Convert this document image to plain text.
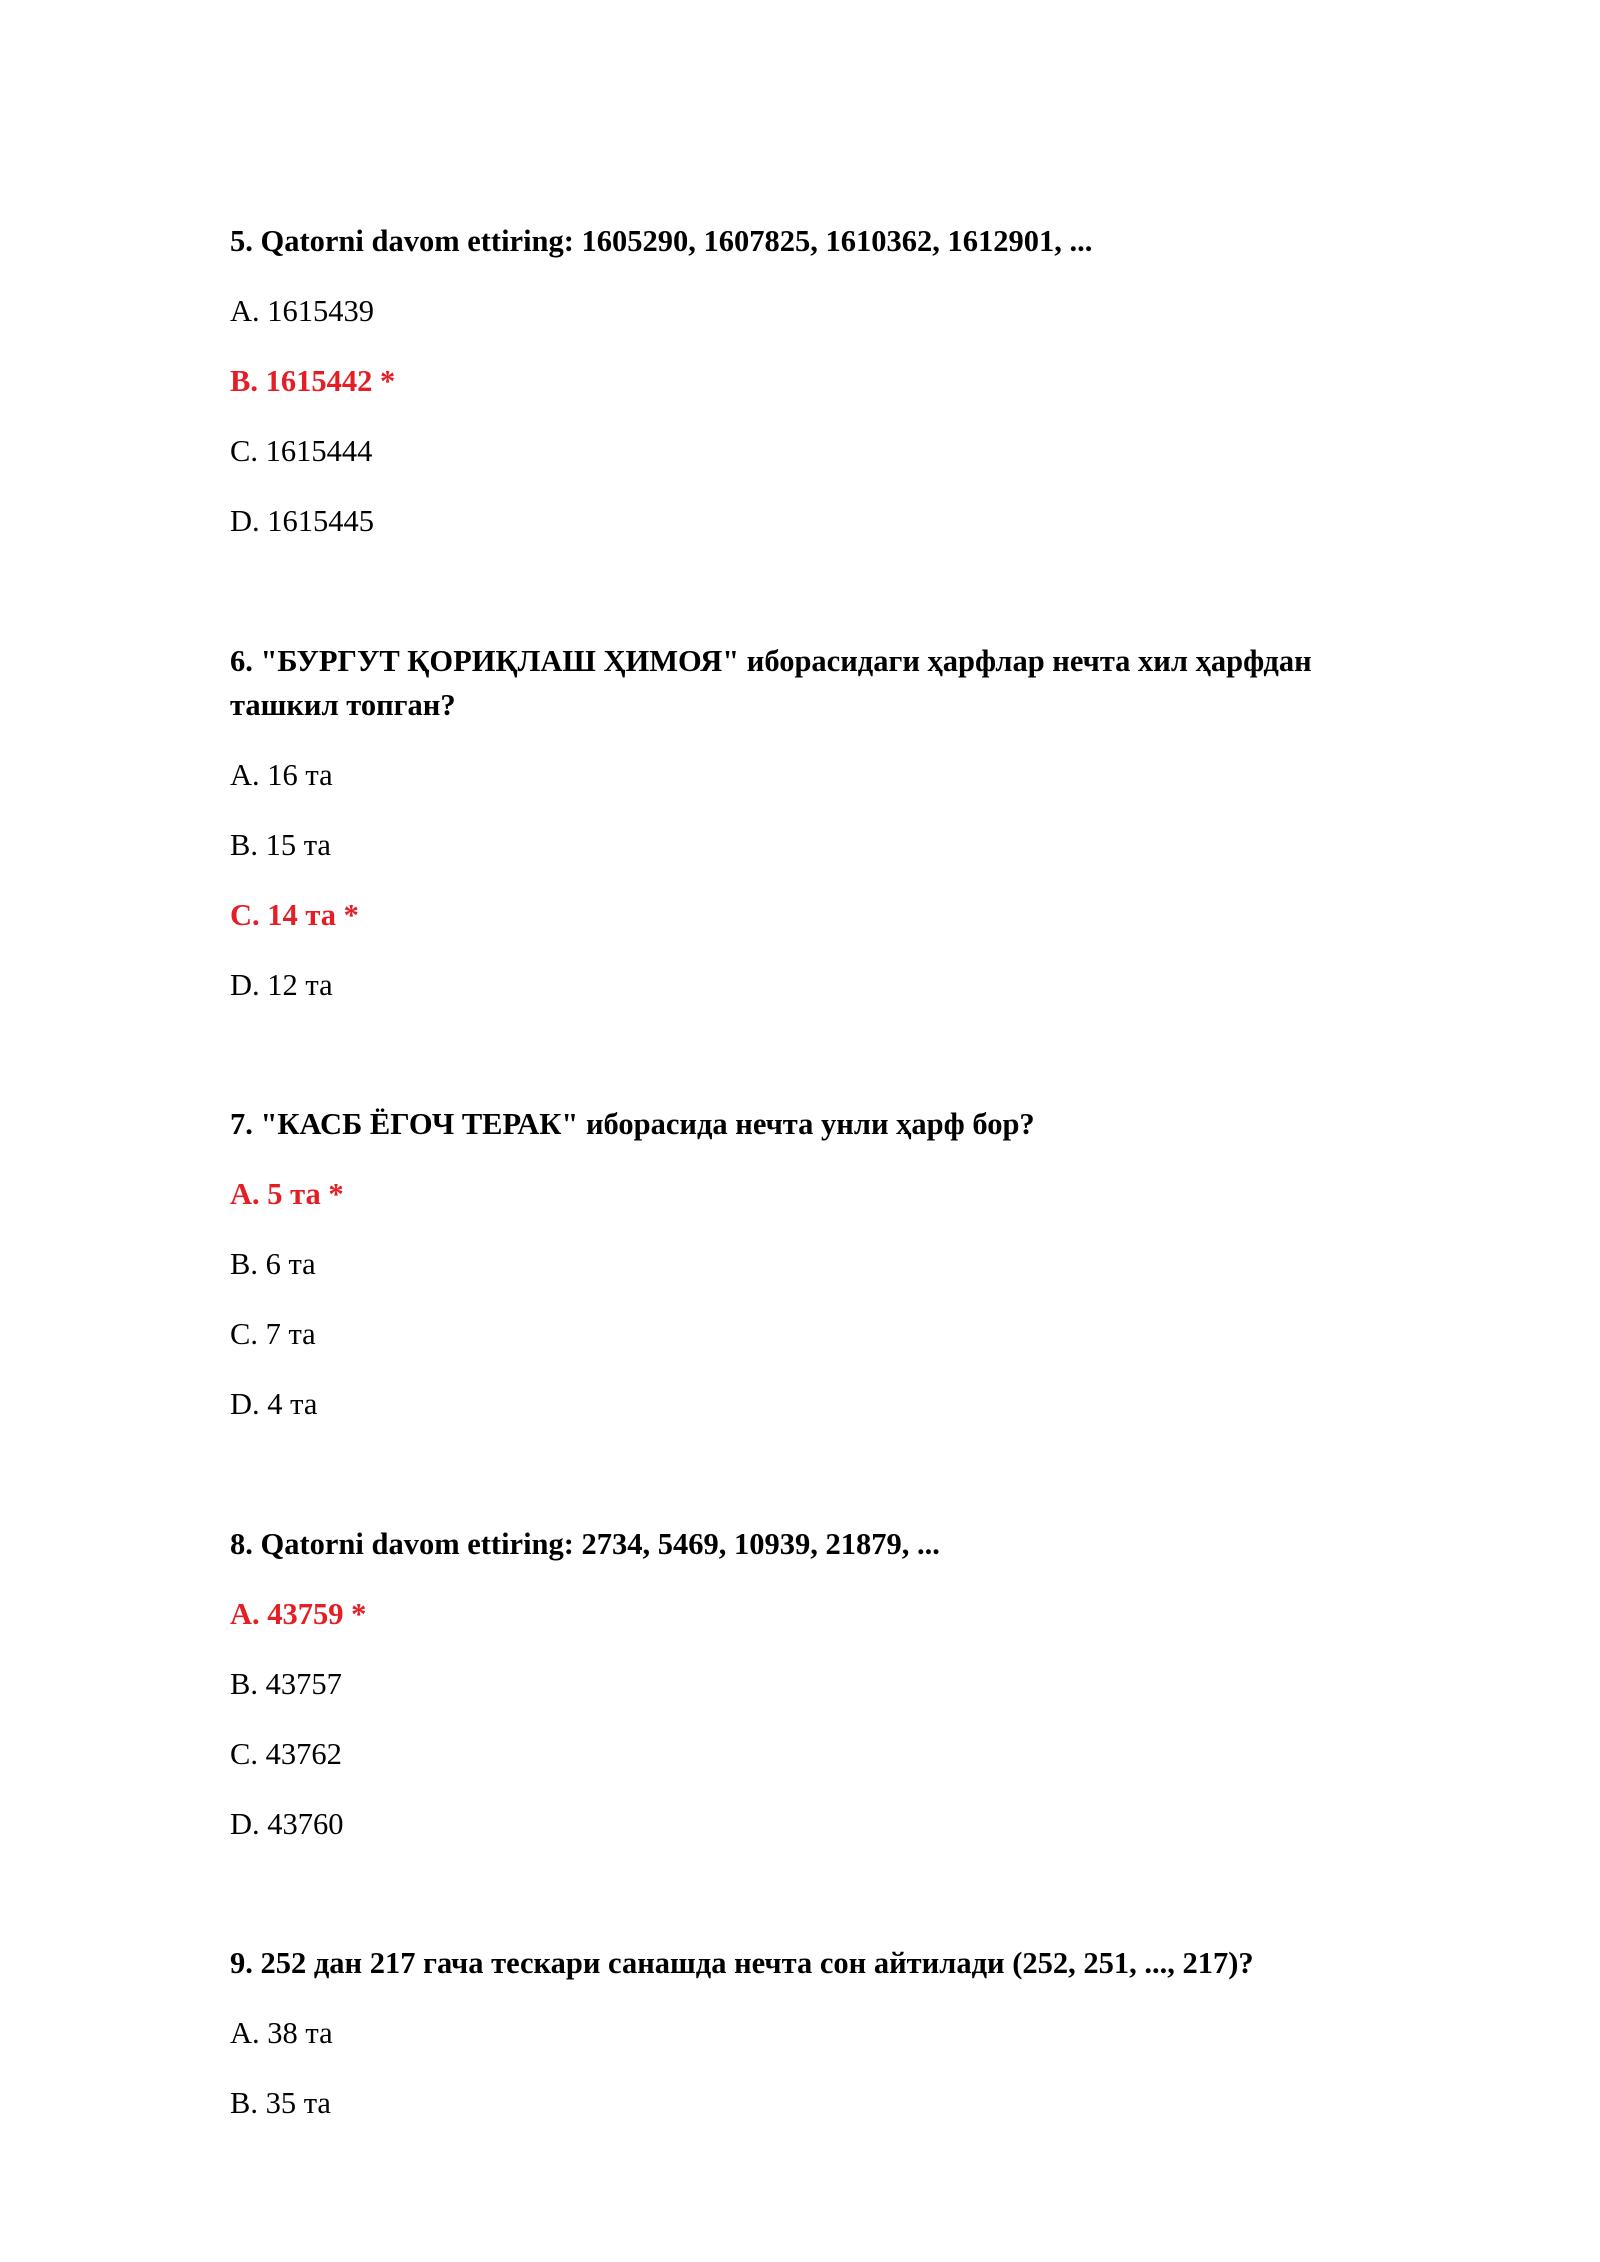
5. Qatorni davom ettiring: 1605290, 1607825, 1610362, 1612901, ...
A. 1615439
B. 1615442 *
C. 1615444
D. 1615445
6. "БУРГУТ ҚОРИҚЛАШ ҲИМОЯ" иборасидаги ҳарфлар нечта хил ҳарфдан
ташкил топган?
A. 16 та
B. 15 та
C. 14 та *
D. 12 та
7. "КАСБ ЁГОЧ ТЕРАК" иборасида нечта унли ҳарф бор?
A. 5 та *
B. 6 та
C. 7 та
D. 4 та
8. Qatorni davom ettiring: 2734, 5469, 10939, 21879, ...
A. 43759 *
B. 43757
C. 43762
D. 43760
9. 252 дан 217 гача тескари санашда нечта сон айтилади (252, 251, ..., 217)?
A. 38 та
B. 35 та
